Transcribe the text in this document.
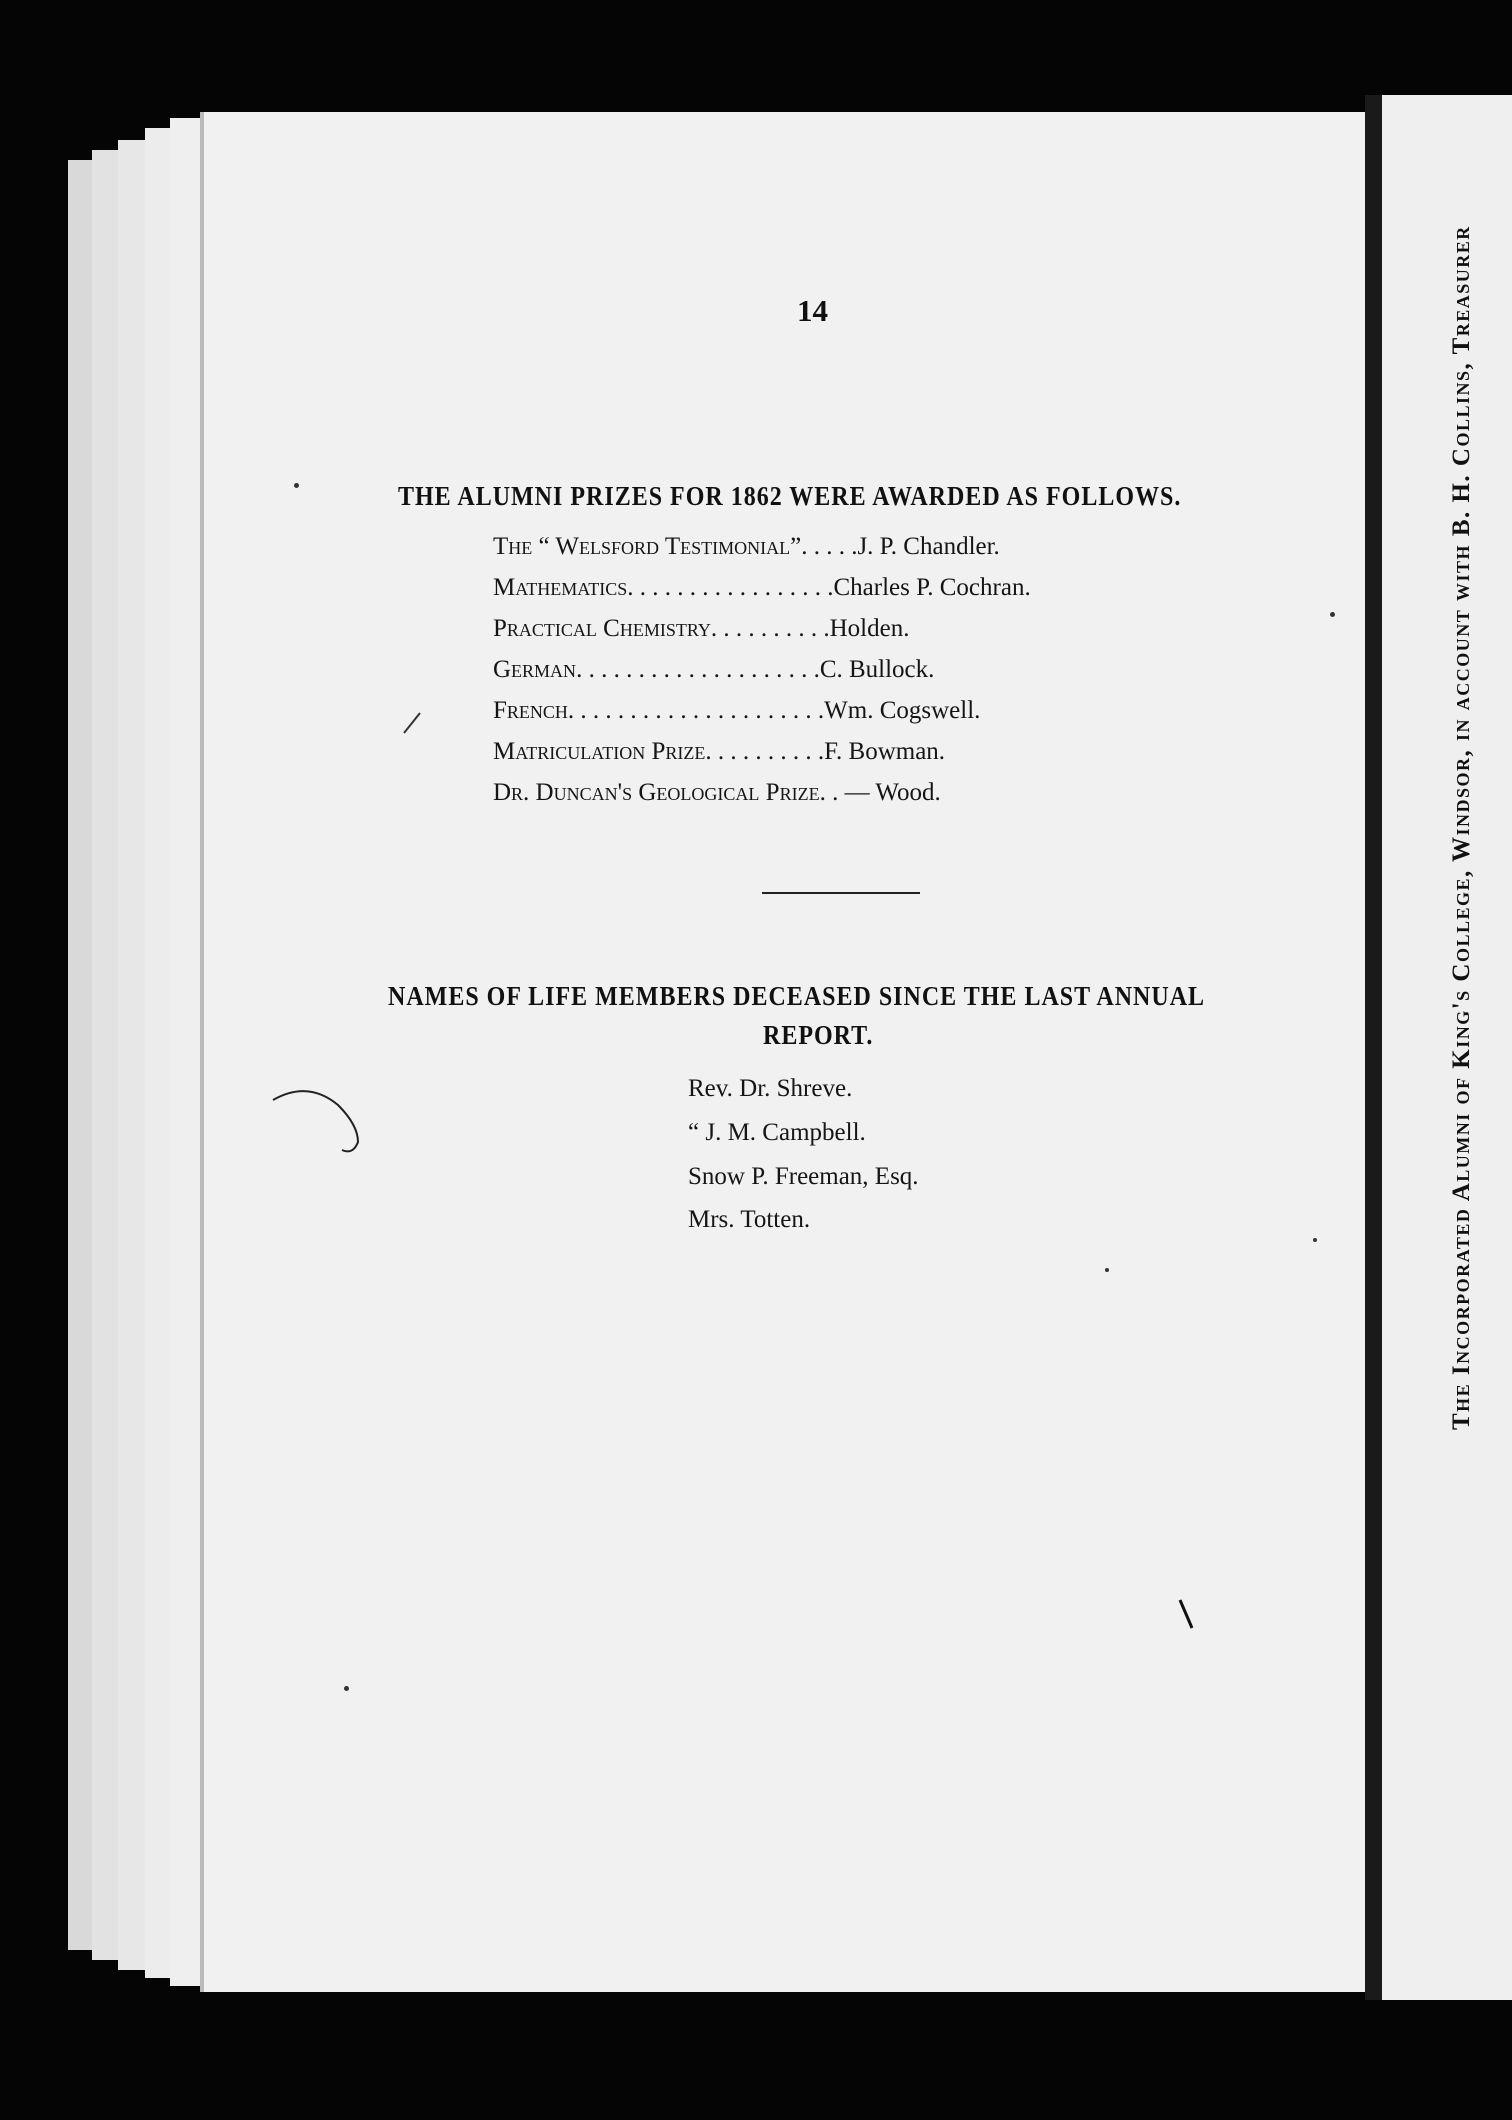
The Incorporated Alumni of King's College, Windsor, in account with B. H. Collins, Treasurer
14
THE ALUMNI PRIZES FOR 1862 WERE AWARDED AS FOLLOWS.
The “ Welsford Testimonial”. . . . .J. P. Chandler.
Mathematics. . . . . . . . . . . . . . . . .Charles P. Cochran.
Practical Chemistry. . . . . . . . . .Holden.
German. . . . . . . . . . . . . . . . . . . .C. Bullock.
French. . . . . . . . . . . . . . . . . . . . .Wm. Cogswell.
Matriculation Prize. . . . . . . . . .F. Bowman.
Dr. Duncan's Geological Prize. . — Wood.
NAMES OF LIFE MEMBERS DECEASED SINCE THE LAST ANNUAL
REPORT.
Rev. Dr. Shreve.
“ J. M. Campbell.
Snow P. Freeman, Esq.
Mrs. Totten.
